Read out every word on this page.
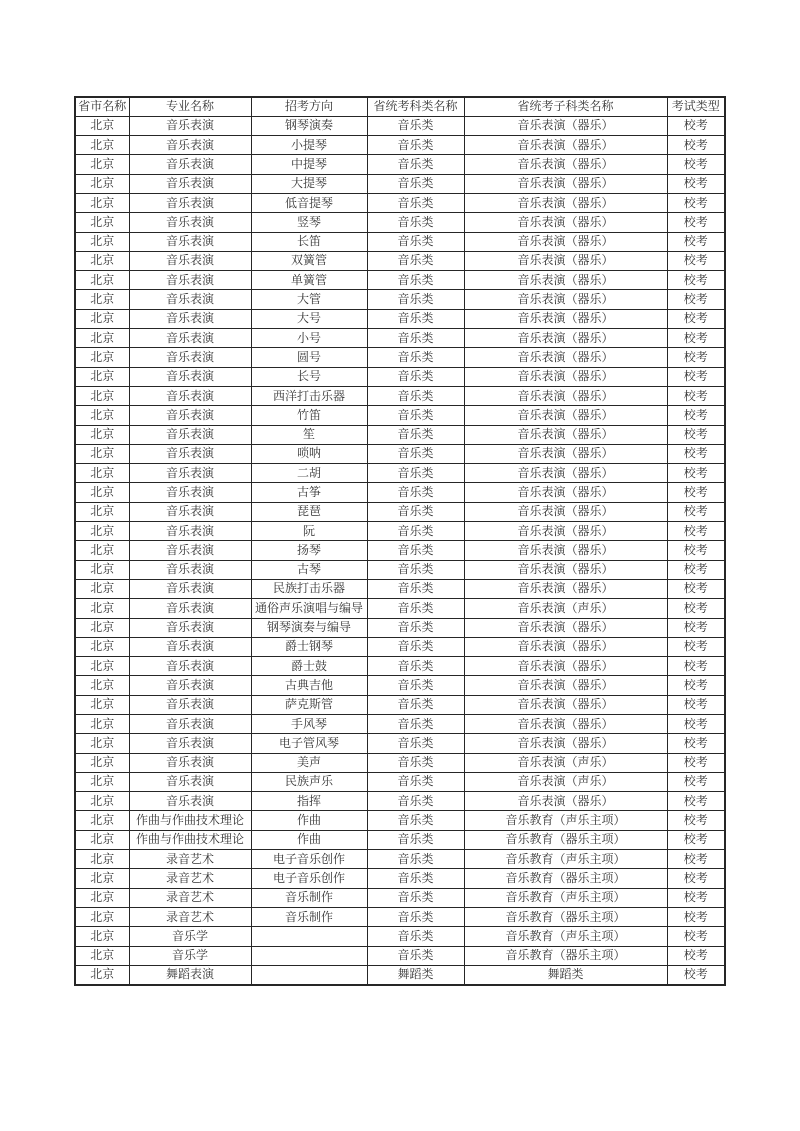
省市名称	专业名称	招考方向	省统考科类名称	省统考子科类名称	考试类型
北京	音乐表演	钢琴演奏	音乐类	音乐表演（器乐）	校考
北京	音乐表演	小提琴	音乐类	音乐表演（器乐）	校考
北京	音乐表演	中提琴	音乐类	音乐表演（器乐）	校考
北京	音乐表演	大提琴	音乐类	音乐表演（器乐）	校考
北京	音乐表演	低音提琴	音乐类	音乐表演（器乐）	校考
北京	音乐表演	竖琴	音乐类	音乐表演（器乐）	校考
北京	音乐表演	长笛	音乐类	音乐表演（器乐）	校考
北京	音乐表演	双簧管	音乐类	音乐表演（器乐）	校考
北京	音乐表演	单簧管	音乐类	音乐表演（器乐）	校考
北京	音乐表演	大管	音乐类	音乐表演（器乐）	校考
北京	音乐表演	大号	音乐类	音乐表演（器乐）	校考
北京	音乐表演	小号	音乐类	音乐表演（器乐）	校考
北京	音乐表演	圆号	音乐类	音乐表演（器乐）	校考
北京	音乐表演	长号	音乐类	音乐表演（器乐）	校考
北京	音乐表演	西洋打击乐器	音乐类	音乐表演（器乐）	校考
北京	音乐表演	竹笛	音乐类	音乐表演（器乐）	校考
北京	音乐表演	笙	音乐类	音乐表演（器乐）	校考
北京	音乐表演	唢呐	音乐类	音乐表演（器乐）	校考
北京	音乐表演	二胡	音乐类	音乐表演（器乐）	校考
北京	音乐表演	古筝	音乐类	音乐表演（器乐）	校考
北京	音乐表演	琵琶	音乐类	音乐表演（器乐）	校考
北京	音乐表演	阮	音乐类	音乐表演（器乐）	校考
北京	音乐表演	扬琴	音乐类	音乐表演（器乐）	校考
北京	音乐表演	古琴	音乐类	音乐表演（器乐）	校考
北京	音乐表演	民族打击乐器	音乐类	音乐表演（器乐）	校考
北京	音乐表演	通俗声乐演唱与编导	音乐类	音乐表演（声乐）	校考
北京	音乐表演	钢琴演奏与编导	音乐类	音乐表演（器乐）	校考
北京	音乐表演	爵士钢琴	音乐类	音乐表演（器乐）	校考
北京	音乐表演	爵士鼓	音乐类	音乐表演（器乐）	校考
北京	音乐表演	古典吉他	音乐类	音乐表演（器乐）	校考
北京	音乐表演	萨克斯管	音乐类	音乐表演（器乐）	校考
北京	音乐表演	手风琴	音乐类	音乐表演（器乐）	校考
北京	音乐表演	电子管风琴	音乐类	音乐表演（器乐）	校考
北京	音乐表演	美声	音乐类	音乐表演（声乐）	校考
北京	音乐表演	民族声乐	音乐类	音乐表演（声乐）	校考
北京	音乐表演	指挥	音乐类	音乐表演（器乐）	校考
北京	作曲与作曲技术理论	作曲	音乐类	音乐教育（声乐主项）	校考
北京	作曲与作曲技术理论	作曲	音乐类	音乐教育（器乐主项）	校考
北京	录音艺术	电子音乐创作	音乐类	音乐教育（声乐主项）	校考
北京	录音艺术	电子音乐创作	音乐类	音乐教育（器乐主项）	校考
北京	录音艺术	音乐制作	音乐类	音乐教育（声乐主项）	校考
北京	录音艺术	音乐制作	音乐类	音乐教育（器乐主项）	校考
北京	音乐学		音乐类	音乐教育（声乐主项）	校考
北京	音乐学		音乐类	音乐教育（器乐主项）	校考
北京	舞蹈表演		舞蹈类	舞蹈类	校考
